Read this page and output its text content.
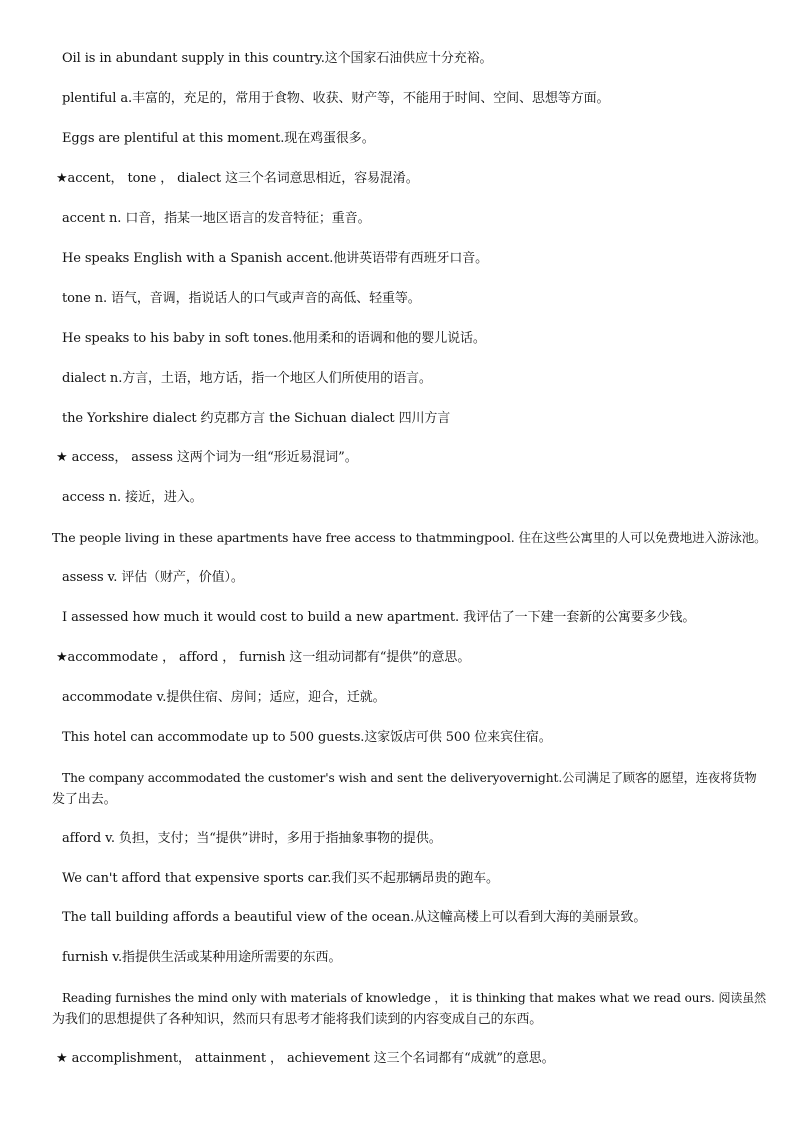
Oil is in abundant supply in this country.这个国家石油供应十分充裕。
plentiful a.丰富的，充足的，常用于食物、收获、财产等，不能用于时间、空间、思想等方面。
Eggs are plentiful at this moment.现在鸡蛋很多。
★accent， tone ， dialect 这三个名词意思相近，容易混淆。
accent n. 口音，指某一地区语言的发音特征；重音。
He speaks English with a Spanish accent.他讲英语带有西班牙口音。
tone n. 语气，音调，指说话人的口气或声音的高低、轻重等。
He speaks to his baby in soft tones.他用柔和的语调和他的婴儿说话。
dialect n.方言，土语，地方话，指一个地区人们所使用的语言。
the Yorkshire dialect 约克郡方言 the Sichuan dialect 四川方言
★ access， assess 这两个词为一组“形近易混词”。
access n. 接近，进入。
The people living in these apartments have free access to thatmmingpool. 住在这些公寓里的人可以免费地进入游泳池。
assess v. 评估（财产，价值）。
I assessed how much it would cost to build a new apartment. 我评估了一下建一套新的公寓要多少钱。
★accommodate ， afford ， furnish 这一组动词都有“提供”的意思。
accommodate v.提供住宿、房间；适应，迎合，迁就。
This hotel can accommodate up to 500 guests.这家饭店可供 500 位来宾住宿。
The company accommodated the customer's wish and sent the deliveryovernight.公司满足了顾客的愿望，连夜将货物
发了出去。
afford v. 负担，支付；当“提供”讲时，多用于指抽象事物的提供。
We can't afford that expensive sports car.我们买不起那辆昂贵的跑车。
The tall building affords a beautiful view of the ocean.从这幢高楼上可以看到大海的美丽景致。
furnish v.指提供生活或某种用途所需要的东西。
Reading furnishes the mind only with materials of knowledge ， it is thinking that makes what we read ours. 阅读虽然
为我们的思想提供了各种知识，然而只有思考才能将我们读到的内容变成自己的东西。
★ accomplishment， attainment ， achievement 这三个名词都有“成就”的意思。
